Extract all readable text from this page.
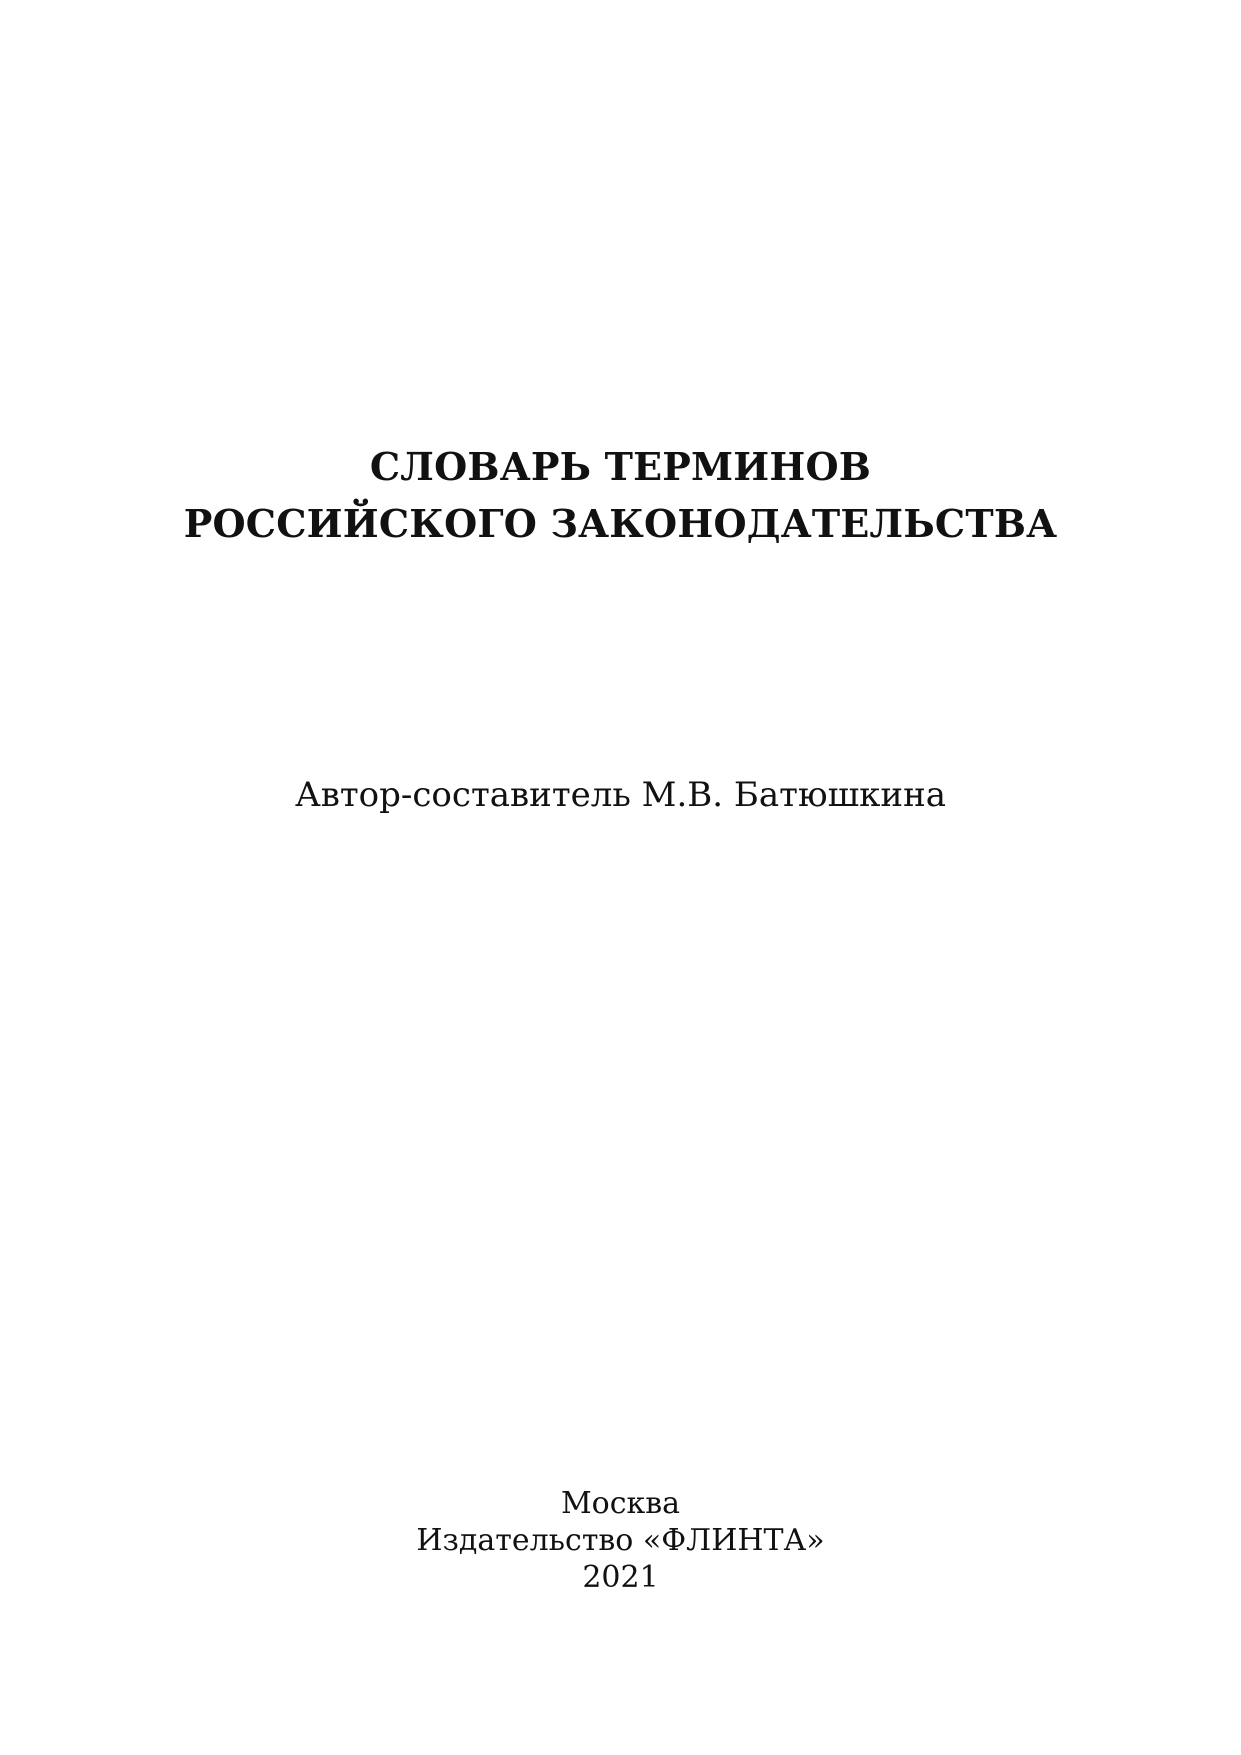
СЛОВАРЬ ТЕРМИНОВ
РОССИЙСКОГО ЗАКОНОДАТЕЛЬСТВА
Автор-составитель М.В. Батюшкина
Москва
Издательство «ФЛИНТА»
2021
